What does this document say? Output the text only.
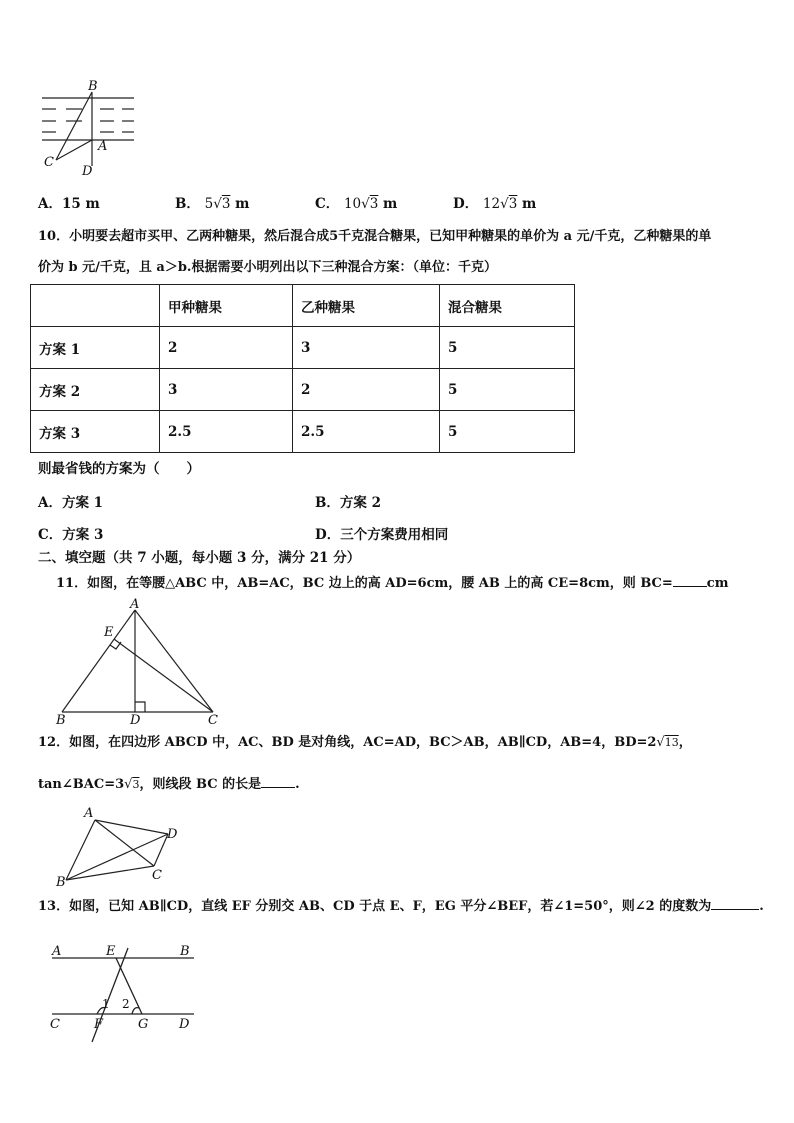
B
A
C
D
A．15 m	B． 5√3 m	C． 10√3 m	D． 12√3 m
10．小明要去超市买甲、乙两种糖果，然后混合成5千克混合糖果，已知甲种糖果的单价为 a 元/千克，乙种糖果的单
价为 b 元/千克，且 a＞b.根据需要小明列出以下三种混合方案：（单位：千克）
	甲种糖果	乙种糖果	混合糖果
方案 1	2	3	5
方案 2	3	2	5
方案 3	2.5	2.5	5
则最省钱的方案为（　　）
A．方案 1	B．方案 2
C．方案 3	D．三个方案费用相同
二、填空题（共 7 小题，每小题 3 分，满分 21 分）
11．如图，在等腰△ABC 中，AB=AC，BC 边上的高 AD=6cm，腰 AB 上的高 CE=8cm，则 BC=	cm
A
E
B	D	C
12．如图，在四边形 ABCD 中，AC、BD 是对角线，AC=AD，BC＞AB，AB∥CD，AB=4，BD=2√13，
tan∠BAC=3√3，则线段 BC 的长是	.
A
D
B	C
13．如图，已知 AB∥CD，直线 EF 分别交 AB、CD 于点 E、F，EG 平分∠BEF，若∠1=50°，则∠2 的度数为	.
A	E	B
C	F	G D
1 2
